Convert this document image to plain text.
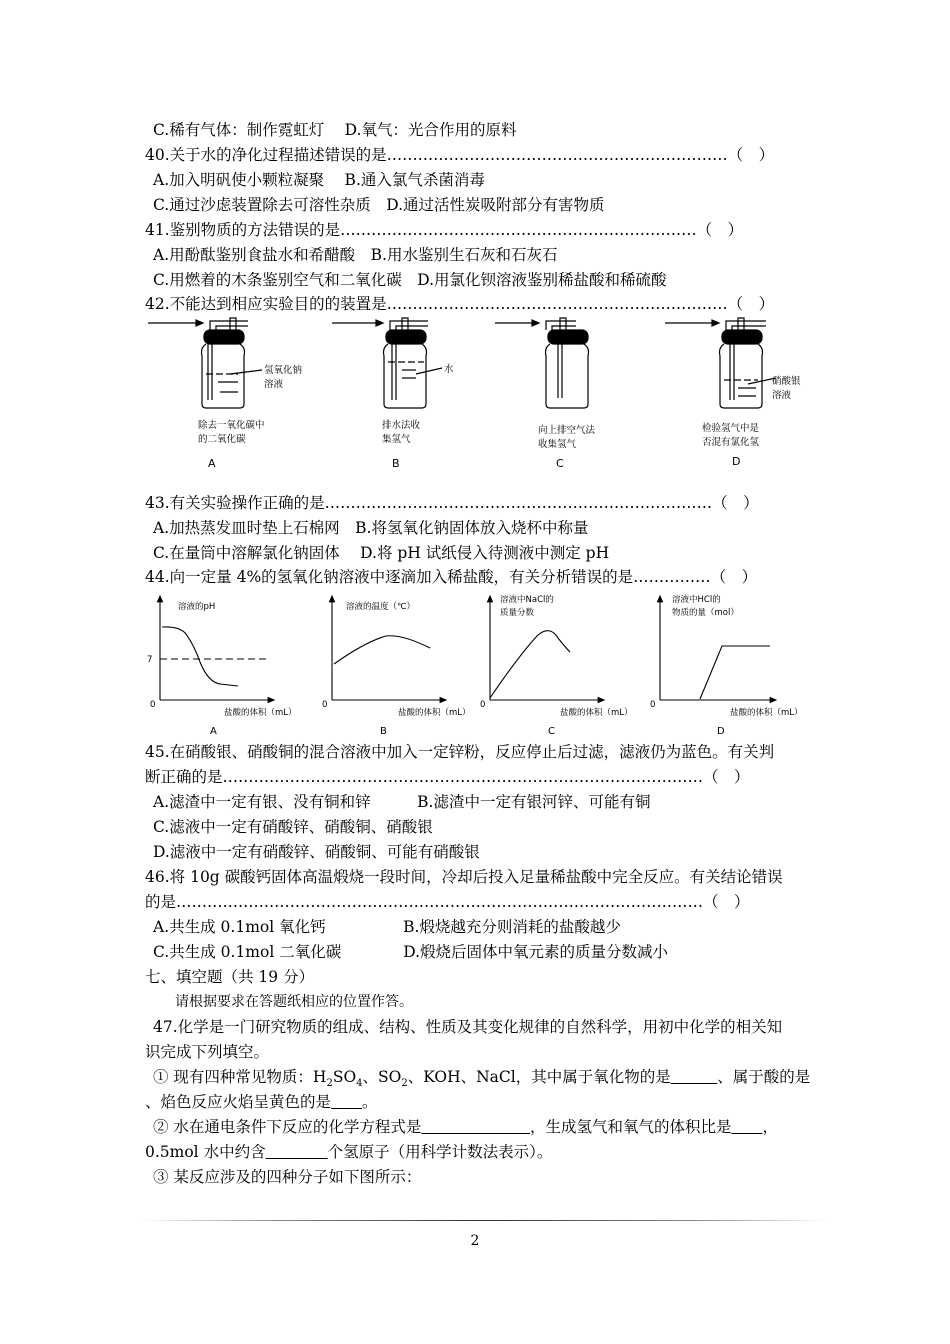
C.稀有气体：制作霓虹灯　 D.氧气：光合作用的原料
40.关于水的净化过程描述错误的是…………………………………………………………（　）
A.加入明矾使小颗粒凝聚　 B.通入氯气杀菌消毒
C.通过沙虑装置除去可溶性杂质　D.通过活性炭吸附部分有害物质
41.鉴别物质的方法错误的是……………………………………………………………（　）
A.用酚酞鉴别食盐水和希醋酸　B.用水鉴别生石灰和石灰石
C.用燃着的木条鉴别空气和二氧化碳　D.用氯化钡溶液鉴别稀盐酸和稀硫酸
42.不能达到相应实验目的的装置是…………………………………………………………（　）
氢氧化钠
溶液
除去一氧化碳中
的二氧化碳
A
水
排水法收
集氢气
B
向上排空气法
收集氢气
C
硝酸银
溶液
检验氢气中是
否混有氯化氢
D
43.有关实验操作正确的是…………………………………………………………………（　）
A.加热蒸发皿时垫上石棉网　B.将氢氧化钠固体放入烧杯中称量
C.在量筒中溶解氯化钠固体　 D.将 pH 试纸侵入待测液中测定 pH
44.向一定量 4%的氢氧化钠溶液中逐滴加入稀盐酸，有关分析错误的是……………（　）
溶液的pH
7
0
盐酸的体积（mL）
A
溶液的温度（℃）
0
盐酸的体积（mL）
B
溶液中NaCl的
质量分数
0
盐酸的体积（mL）
C
溶液中HCl的
物质的量（mol）
0
盐酸的体积（mL）
D
45.在硝酸银、硝酸铜的混合溶液中加入一定锌粉，反应停止后过滤，滤液仍为蓝色。有关判
断正确的是…………………………………………………………………………………（　）
A.滤渣中一定有银、没有铜和锌　　　B.滤渣中一定有银河锌、可能有铜
C.滤液中一定有硝酸锌、硝酸铜、硝酸银
D.滤液中一定有硝酸锌、硝酸铜、可能有硝酸银
46.将 10g 碳酸钙固体高温煅烧一段时间，冷却后投入足量稀盐酸中完全反应。有关结论错误
的是…………………………………………………………………………………………（　）
A.共生成 0.1mol 氧化钙　　　　　B.煅烧越充分则消耗的盐酸越少
C.共生成 0.1mol 二氧化碳　　　　D.煅烧后固体中氧元素的质量分数减小
七、填空题（共 19 分）
请根据要求在答题纸相应的位置作答。
47.化学是一门研究物质的组成、结构、性质及其变化规律的自然科学，用初中化学的相关知
识完成下列填空。
① 现有四种常见物质：$H_2SO_4$、$SO_2$、KOH、NaCl，其中属于氧化物的是　　　	、属于酸的是
、焰色反应火焰呈黄色的是　　 。
② 水在通电条件下反应的化学方程式是　　　　　　　	，生成氢气和氧气的体积比是　　 ，
0.5mol 水中约含　　　　	个氢原子（用科学计数法表示）。
③ 某反应涉及的四种分子如下图所示：
2
